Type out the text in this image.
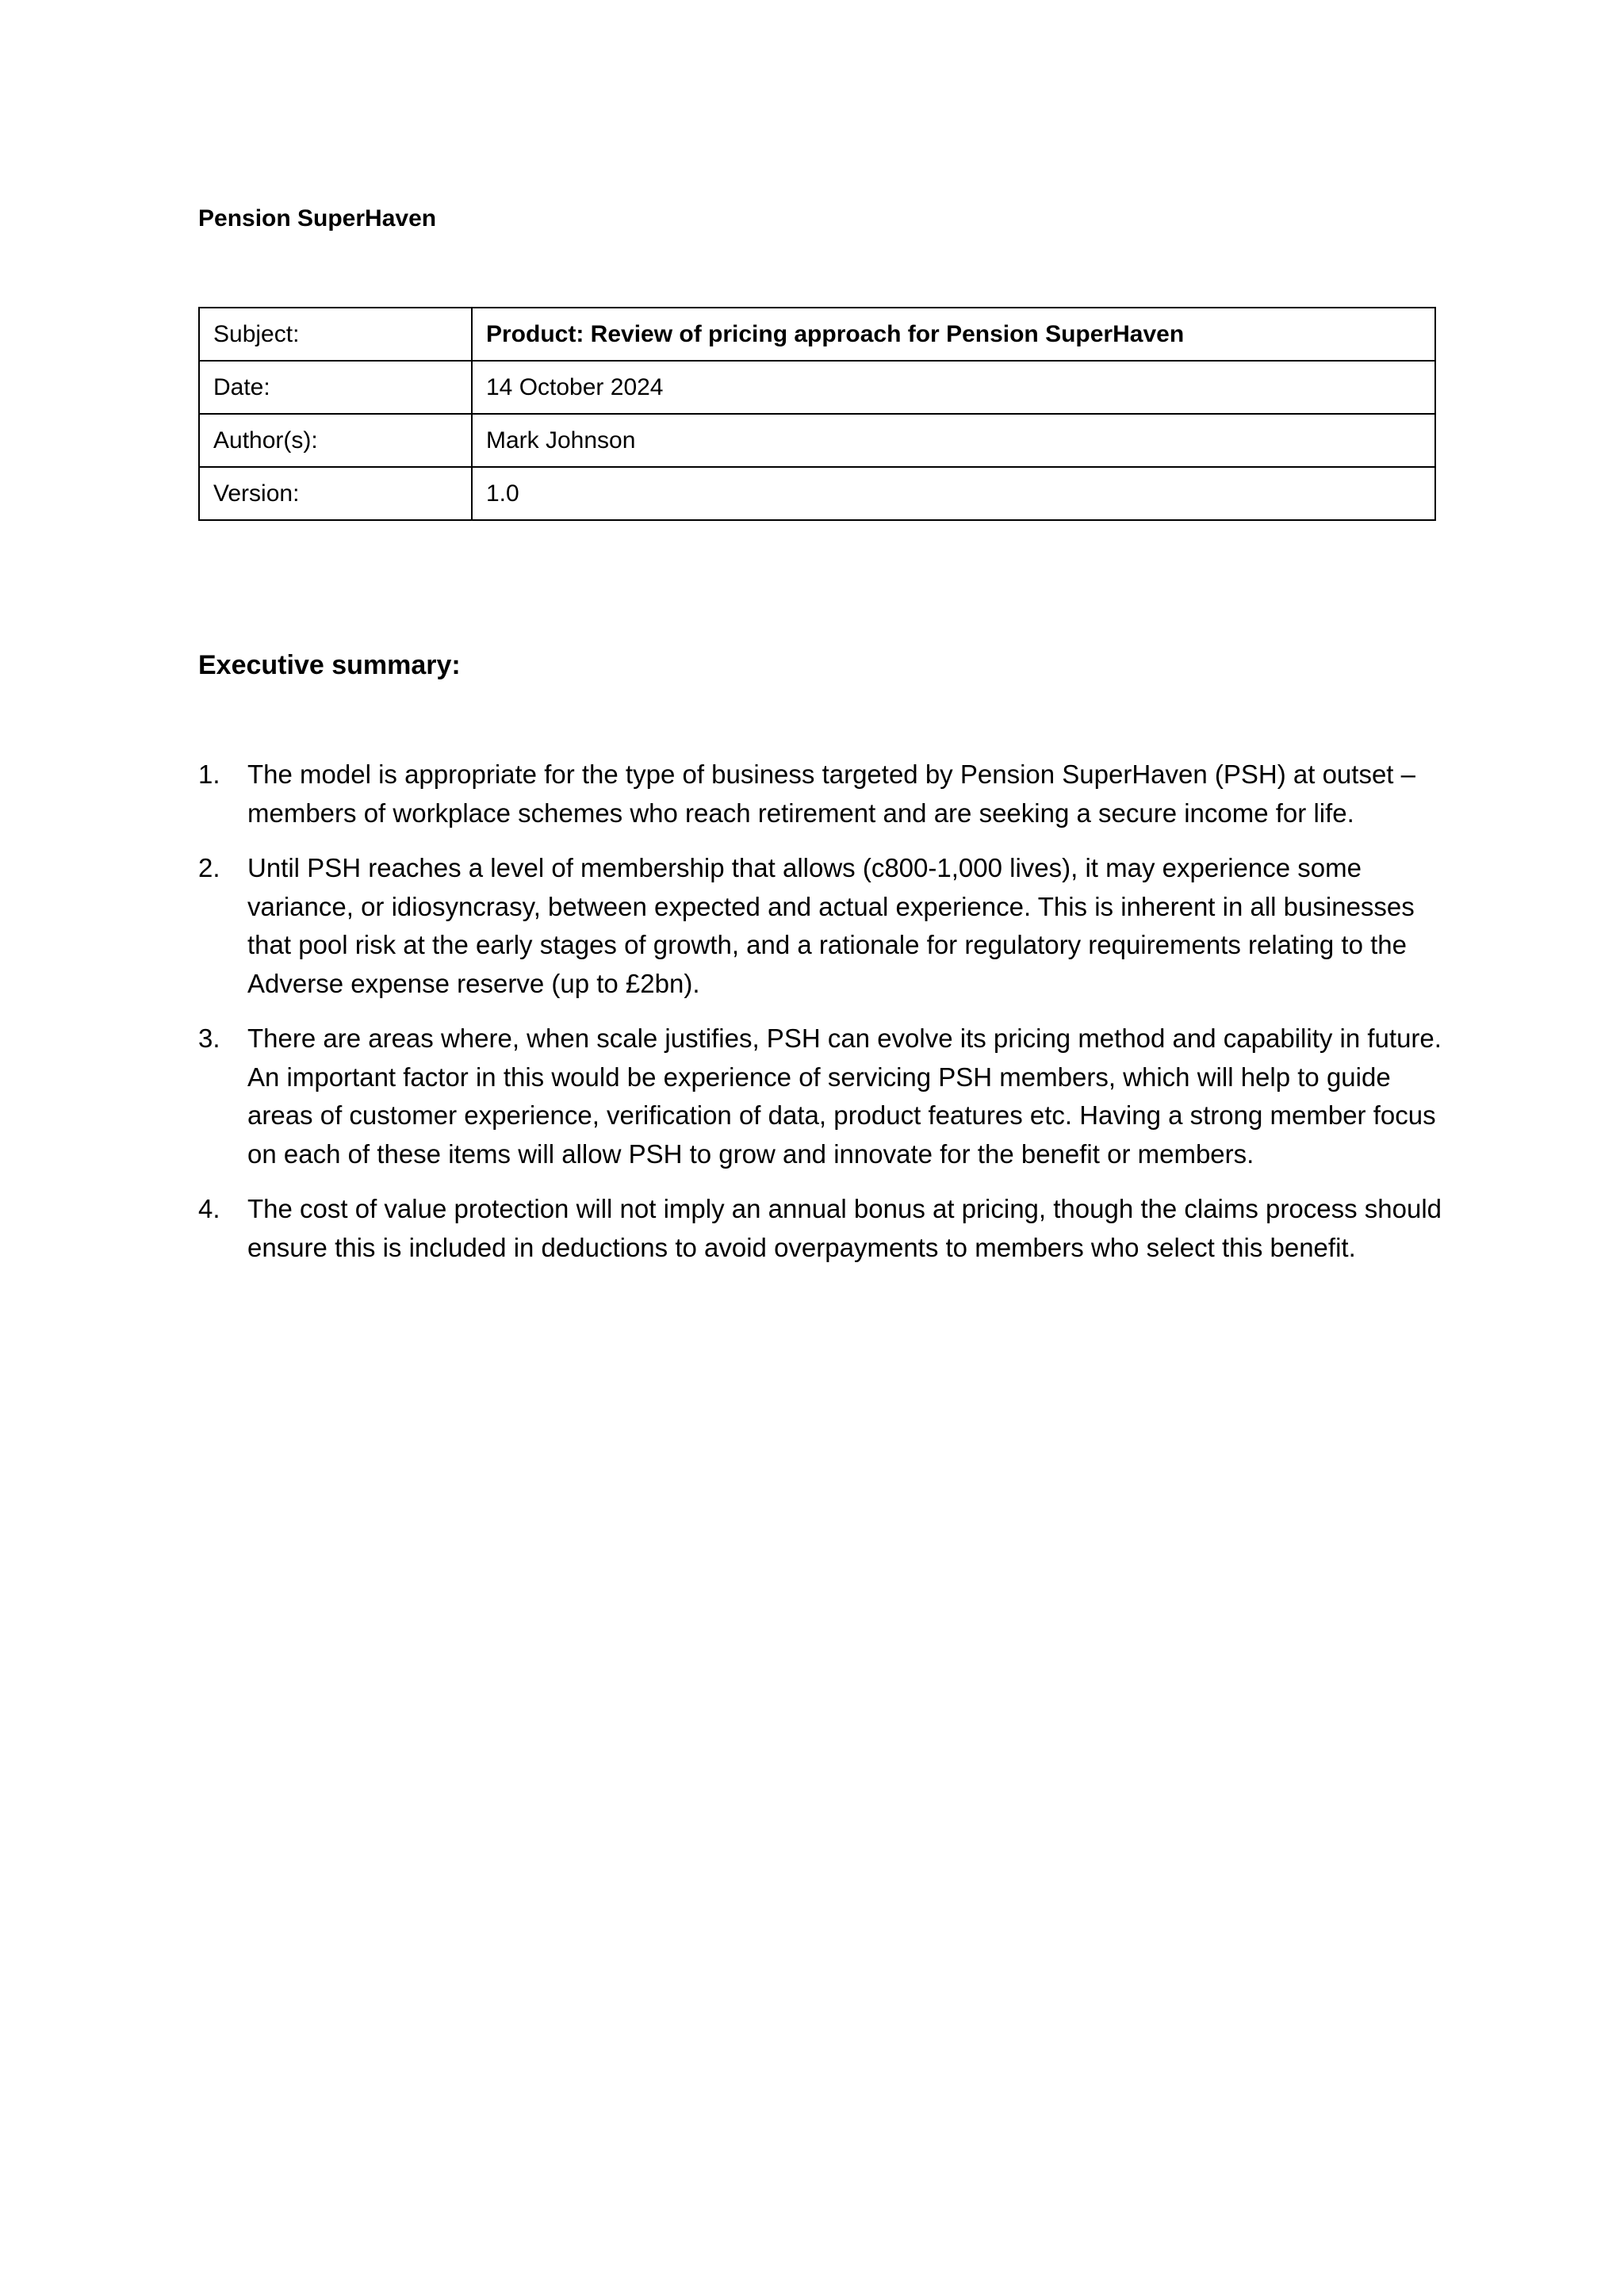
Pension SuperHaven
Subject:	Product: Review of pricing approach for Pension SuperHaven
Date:	14 October 2024
Author(s):	Mark Johnson
Version:	1.0
Executive summary:
1. The model is appropriate for the type of business targeted by Pension SuperHaven (PSH) at outset – members of workplace schemes who reach retirement and are seeking a secure income for life.
2. Until PSH reaches a level of membership that allows (c800-1,000 lives), it may experience some variance, or idiosyncrasy, between expected and actual experience. This is inherent in all businesses that pool risk at the early stages of growth, and a rationale for regulatory requirements relating to the Adverse expense reserve (up to £2bn).
3. There are areas where, when scale justifies, PSH can evolve its pricing method and capability in future. An important factor in this would be experience of servicing PSH members, which will help to guide areas of customer experience, verification of data, product features etc. Having a strong member focus on each of these items will allow PSH to grow and innovate for the benefit or members.
4. The cost of value protection will not imply an annual bonus at pricing, though the claims process should ensure this is included in deductions to avoid overpayments to members who select this benefit.
